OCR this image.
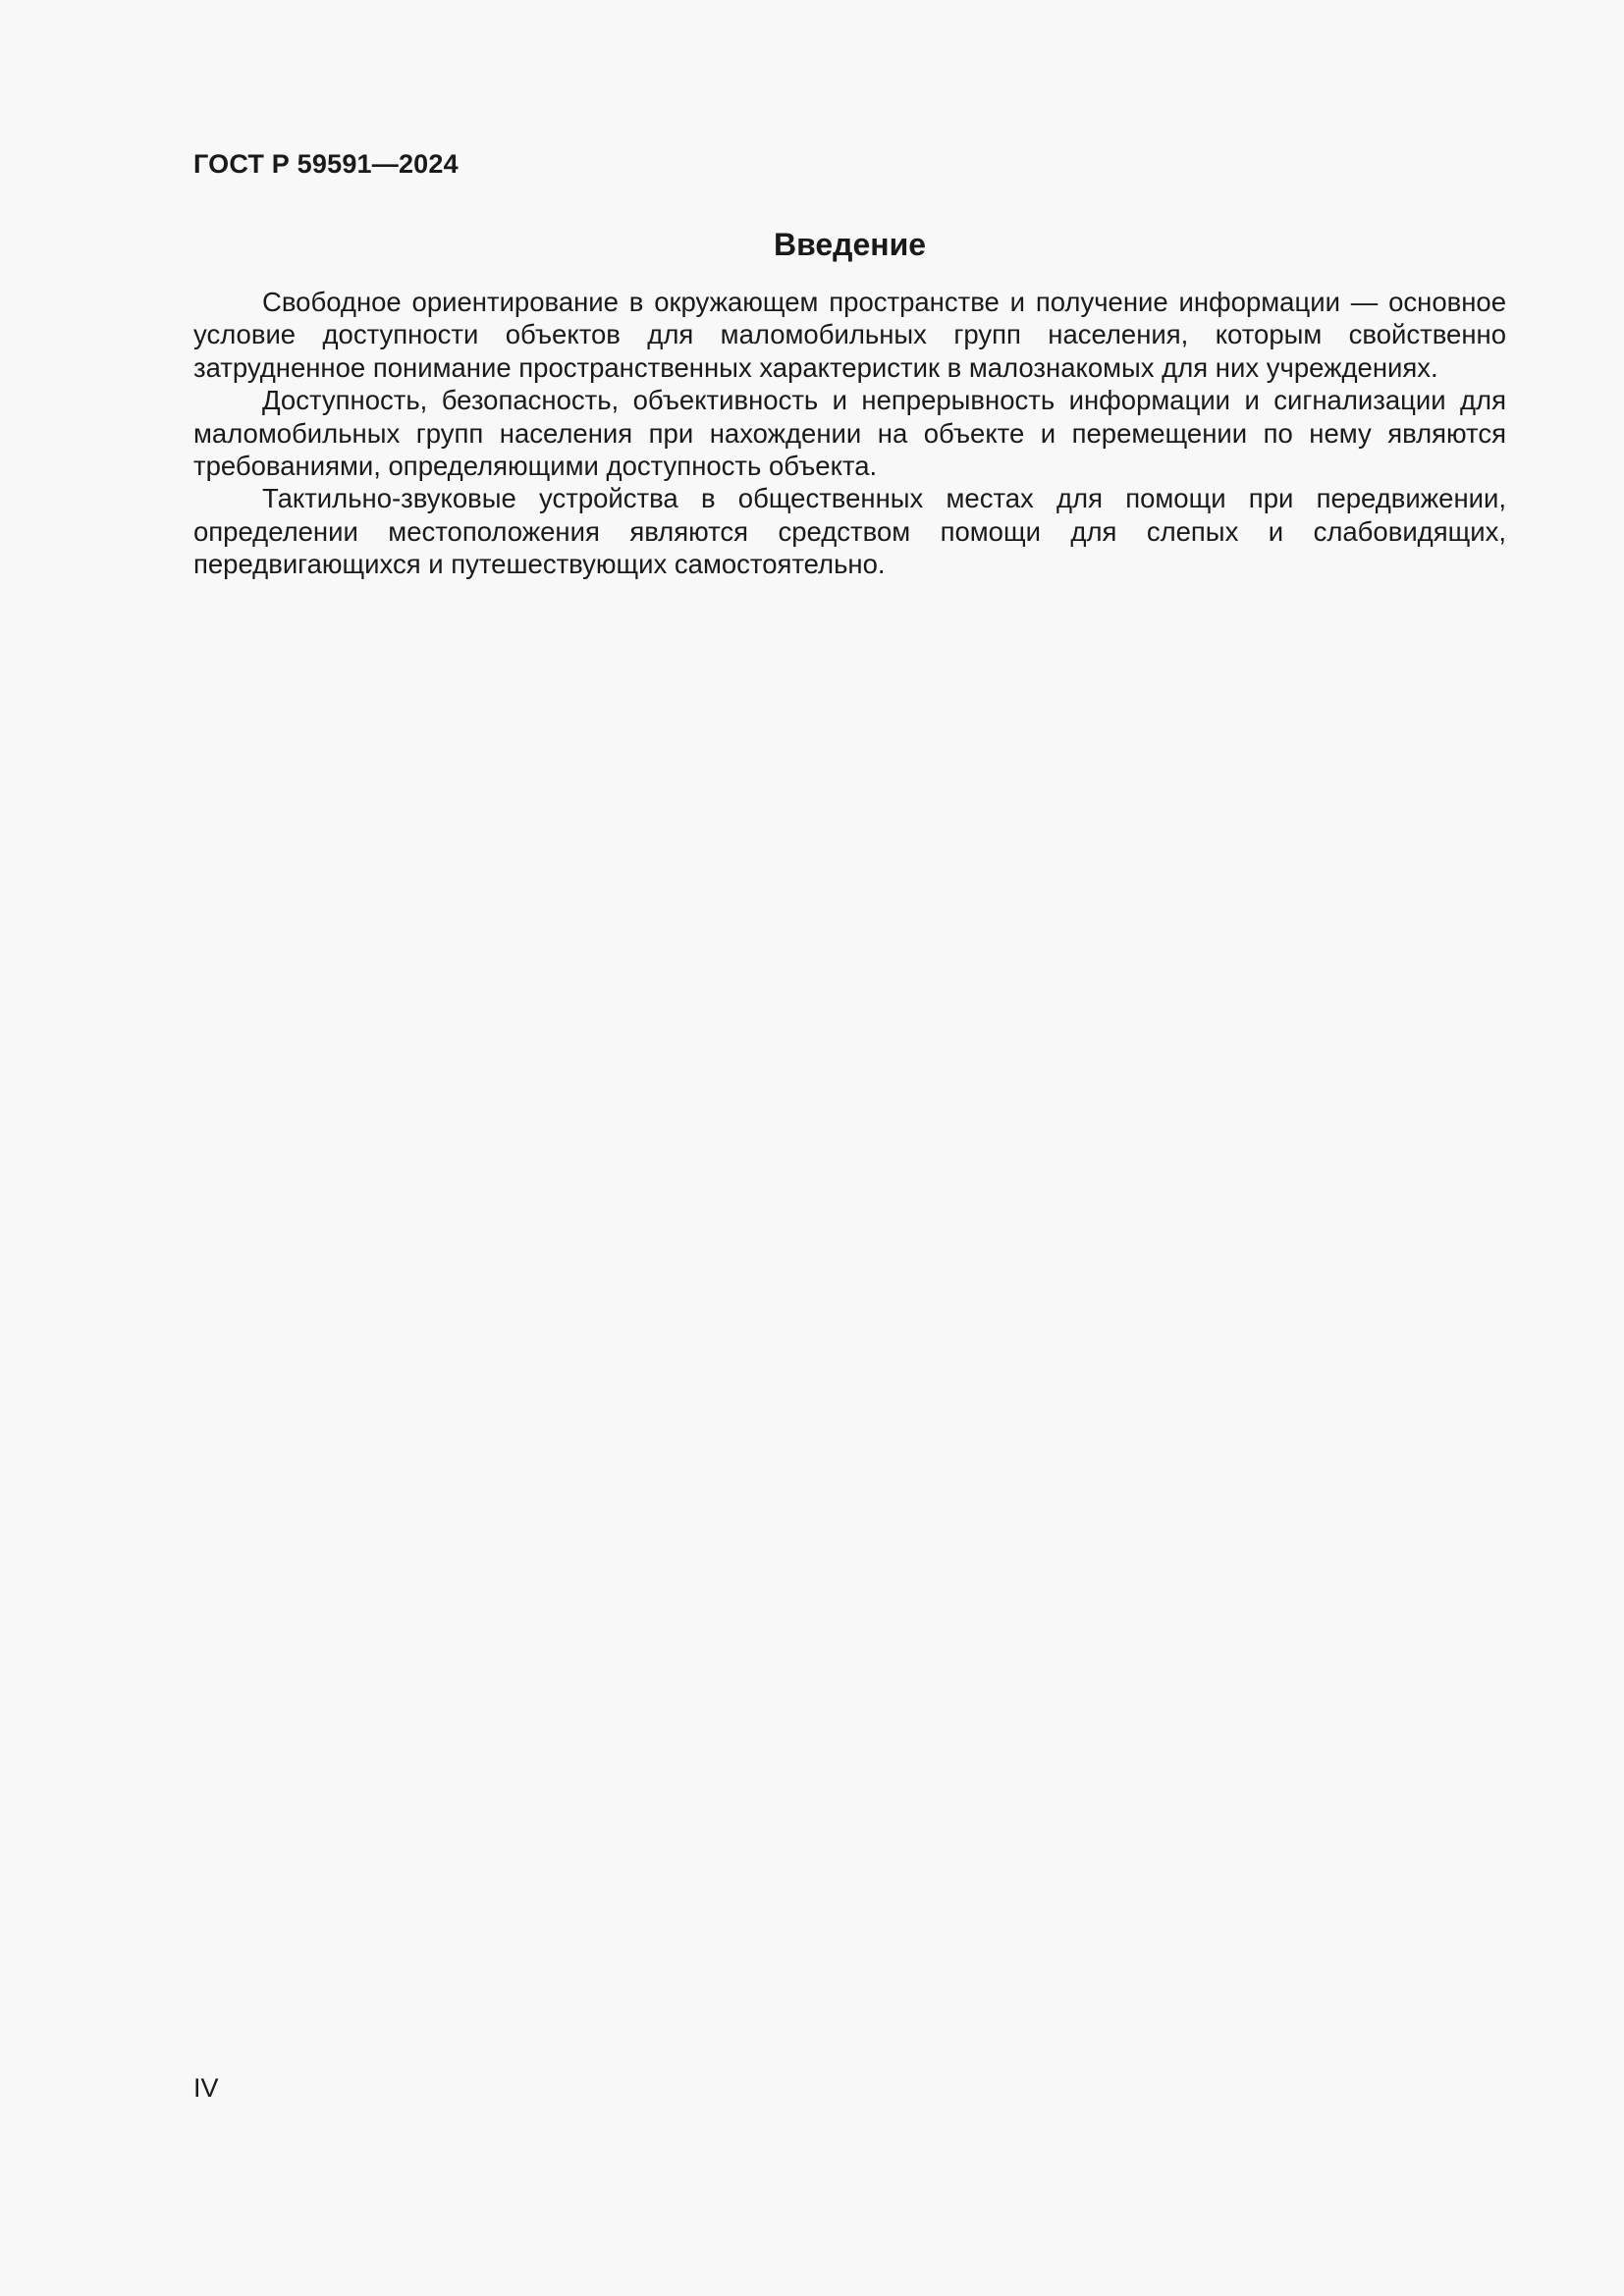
ГОСТ Р 59591—2024
Введение

Свободное ориентирование в окружающем пространстве и получение информации — основное условие доступности объектов для маломобильных групп населения, которым свойственно затрудненное понимание пространственных характеристик в малознакомых для них учреждениях.

Доступность, безопасность, объективность и непрерывность информации и сигнализации для маломобильных групп населения при нахождении на объекте и перемещении по нему являются требованиями, определяющими доступность объекта.

Тактильно-звуковые устройства в общественных местах для помощи при передвижении, определении местоположения являются средством помощи для слепых и слабовидящих, передвигающихся и путешествующих самостоятельно.

IV
